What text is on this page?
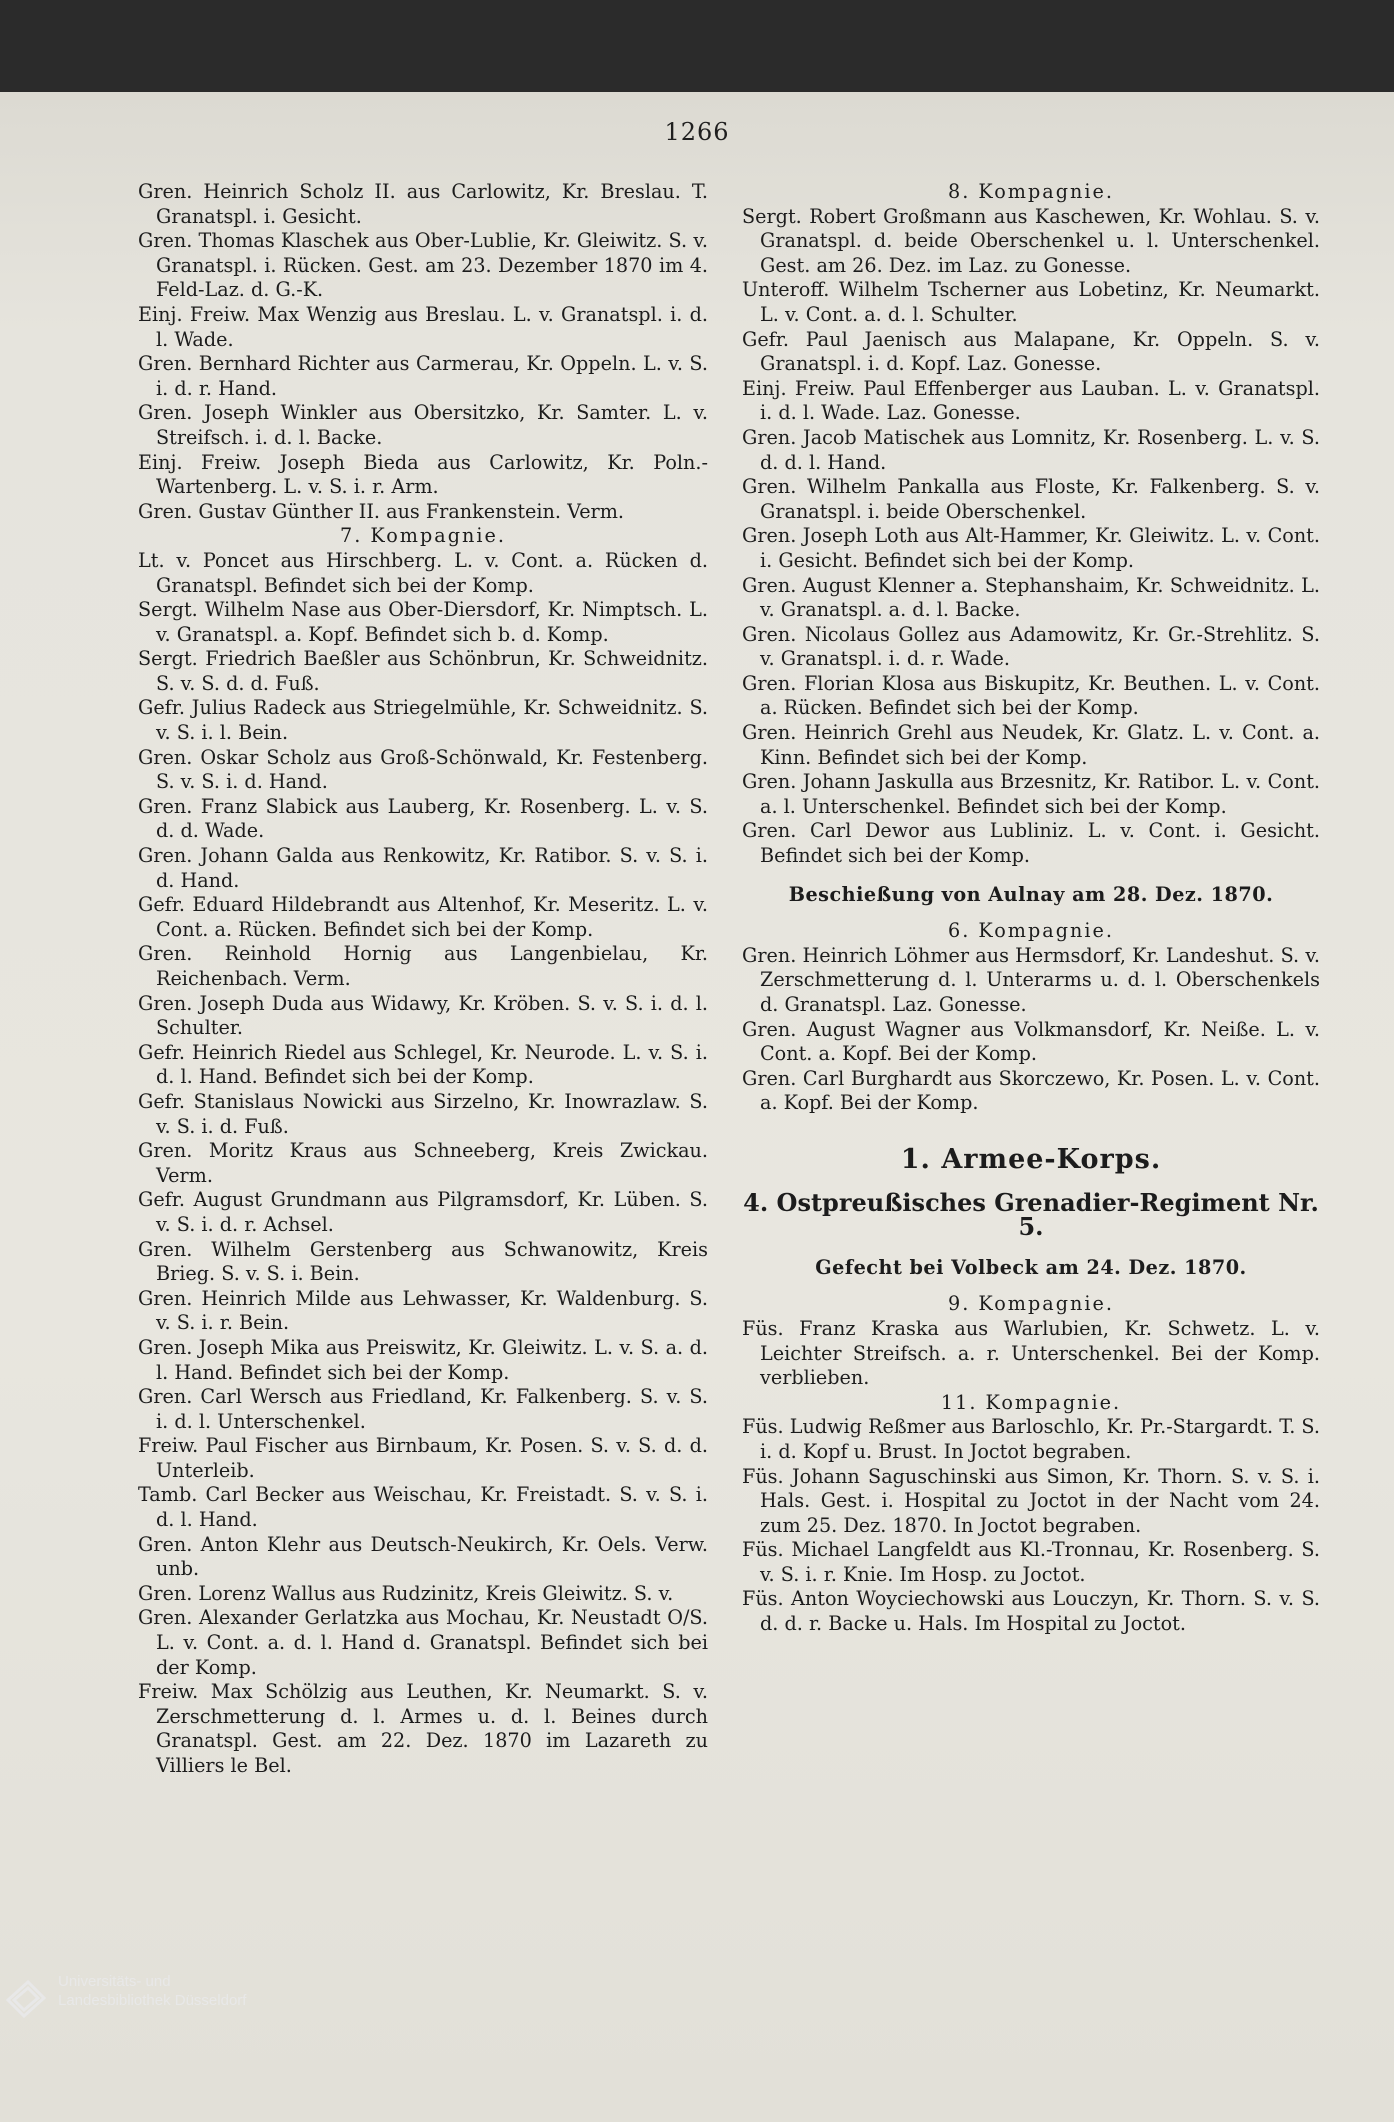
1266
Gren. Heinrich Scholz II. aus Carlowitz, Kr. Breslau. T. Granatspl. i. Gesicht.
Gren. Thomas Klaschek aus Ober-Lublie, Kr. Gleiwitz. S. v. Granatspl. i. Rücken. Gest. am 23. Dezember 1870 im 4. Feld-Laz. d. G.-K.
Einj. Freiw. Max Wenzig aus Breslau. L. v. Granatspl. i. d. l. Wade.
Gren. Bernhard Richter aus Carmerau, Kr. Oppeln. L. v. S. i. d. r. Hand.
Gren. Joseph Winkler aus Obersitzko, Kr. Samter. L. v. Streifsch. i. d. l. Backe.
Einj. Freiw. Joseph Bieda aus Carlowitz, Kr. Poln.-Wartenberg. L. v. S. i. r. Arm.
Gren. Gustav Günther II. aus Frankenstein. Verm.
7. Kompagnie.
Lt. v. Poncet aus Hirschberg. L. v. Cont. a. Rücken d. Granatspl. Befindet sich bei der Komp.
Sergt. Wilhelm Nase aus Ober-Diersdorf, Kr. Nimptsch. L. v. Granatspl. a. Kopf. Befindet sich b. d. Komp.
Sergt. Friedrich Baeßler aus Schönbrun, Kr. Schweidnitz. S. v. S. d. d. Fuß.
Gefr. Julius Radeck aus Striegelmühle, Kr. Schweidnitz. S. v. S. i. l. Bein.
Gren. Oskar Scholz aus Groß-Schönwald, Kr. Festenberg. S. v. S. i. d. Hand.
Gren. Franz Slabick aus Lauberg, Kr. Rosenberg. L. v. S. d. d. Wade.
Gren. Johann Galda aus Renkowitz, Kr. Ratibor. S. v. S. i. d. Hand.
Gefr. Eduard Hildebrandt aus Altenhof, Kr. Meseritz. L. v. Cont. a. Rücken. Befindet sich bei der Komp.
Gren. Reinhold Hornig aus Langenbielau, Kr. Reichenbach. Verm.
Gren. Joseph Duda aus Widawy, Kr. Kröben. S. v. S. i. d. l. Schulter.
Gefr. Heinrich Riedel aus Schlegel, Kr. Neurode. L. v. S. i. d. l. Hand. Befindet sich bei der Komp.
Gefr. Stanislaus Nowicki aus Sirzelno, Kr. Inowrazlaw. S. v. S. i. d. Fuß.
Gren. Moritz Kraus aus Schneeberg, Kreis Zwickau. Verm.
Gefr. August Grundmann aus Pilgramsdorf, Kr. Lüben. S. v. S. i. d. r. Achsel.
Gren. Wilhelm Gerstenberg aus Schwanowitz, Kreis Brieg. S. v. S. i. Bein.
Gren. Heinrich Milde aus Lehwasser, Kr. Waldenburg. S. v. S. i. r. Bein.
Gren. Joseph Mika aus Preiswitz, Kr. Gleiwitz. L. v. S. a. d. l. Hand. Befindet sich bei der Komp.
Gren. Carl Wersch aus Friedland, Kr. Falkenberg. S. v. S. i. d. l. Unterschenkel.
Freiw. Paul Fischer aus Birnbaum, Kr. Posen. S. v. S. d. d. Unterleib.
Tamb. Carl Becker aus Weischau, Kr. Freistadt. S. v. S. i. d. l. Hand.
Gren. Anton Klehr aus Deutsch-Neukirch, Kr. Oels. Verw. unb.
Gren. Lorenz Wallus aus Rudzinitz, Kreis Gleiwitz. S. v.
Gren. Alexander Gerlatzka aus Mochau, Kr. Neustadt O/S. L. v. Cont. a. d. l. Hand d. Granatspl. Befindet sich bei der Komp.
Freiw. Max Schölzig aus Leuthen, Kr. Neumarkt. S. v. Zerschmetterung d. l. Armes u. d. l. Beines durch Granatspl. Gest. am 22. Dez. 1870 im Lazareth zu Villiers le Bel.
8. Kompagnie.
Sergt. Robert Großmann aus Kaschewen, Kr. Wohlau. S. v. Granatspl. d. beide Oberschenkel u. l. Unterschenkel. Gest. am 26. Dez. im Laz. zu Gonesse.
Unteroff. Wilhelm Tscherner aus Lobetinz, Kr. Neumarkt. L. v. Cont. a. d. l. Schulter.
Gefr. Paul Jaenisch aus Malapane, Kr. Oppeln. S. v. Granatspl. i. d. Kopf. Laz. Gonesse.
Einj. Freiw. Paul Effenberger aus Lauban. L. v. Granatspl. i. d. l. Wade. Laz. Gonesse.
Gren. Jacob Matischek aus Lomnitz, Kr. Rosenberg. L. v. S. d. d. l. Hand.
Gren. Wilhelm Pankalla aus Floste, Kr. Falkenberg. S. v. Granatspl. i. beide Oberschenkel.
Gren. Joseph Loth aus Alt-Hammer, Kr. Gleiwitz. L. v. Cont. i. Gesicht. Befindet sich bei der Komp.
Gren. August Klenner a. Stephanshaim, Kr. Schweidnitz. L. v. Granatspl. a. d. l. Backe.
Gren. Nicolaus Gollez aus Adamowitz, Kr. Gr.-Strehlitz. S. v. Granatspl. i. d. r. Wade.
Gren. Florian Klosa aus Biskupitz, Kr. Beuthen. L. v. Cont. a. Rücken. Befindet sich bei der Komp.
Gren. Heinrich Grehl aus Neudek, Kr. Glatz. L. v. Cont. a. Kinn. Befindet sich bei der Komp.
Gren. Johann Jaskulla aus Brzesnitz, Kr. Ratibor. L. v. Cont. a. l. Unterschenkel. Befindet sich bei der Komp.
Gren. Carl Dewor aus Lubliniz. L. v. Cont. i. Gesicht. Befindet sich bei der Komp.
Beschießung von Aulnay am 28. Dez. 1870.
6. Kompagnie.
Gren. Heinrich Löhmer aus Hermsdorf, Kr. Landeshut. S. v. Zerschmetterung d. l. Unterarms u. d. l. Oberschenkels d. Granatspl. Laz. Gonesse.
Gren. August Wagner aus Volkmansdorf, Kr. Neiße. L. v. Cont. a. Kopf. Bei der Komp.
Gren. Carl Burghardt aus Skorczewo, Kr. Posen. L. v. Cont. a. Kopf. Bei der Komp.
1. Armee-Korps.
4. Ostpreußisches Grenadier-Regiment Nr. 5.
Gefecht bei Volbeck am 24. Dez. 1870.
9. Kompagnie.
Füs. Franz Kraska aus Warlubien, Kr. Schwetz. L. v. Leichter Streifsch. a. r. Unterschenkel. Bei der Komp. verblieben.
11. Kompagnie.
Füs. Ludwig Reßmer aus Barloschlo, Kr. Pr.-Stargardt. T. S. i. d. Kopf u. Brust. In Joctot begraben.
Füs. Johann Saguschinski aus Simon, Kr. Thorn. S. v. S. i. Hals. Gest. i. Hospital zu Joctot in der Nacht vom 24. zum 25. Dez. 1870. In Joctot begraben.
Füs. Michael Langfeldt aus Kl.-Tronnau, Kr. Rosenberg. S. v. S. i. r. Knie. Im Hosp. zu Joctot.
Füs. Anton Woyciechowski aus Louczyn, Kr. Thorn. S. v. S. d. d. r. Backe u. Hals. Im Hospital zu Joctot.
Universitäts- und
Landesbibliothek Düsseldorf
